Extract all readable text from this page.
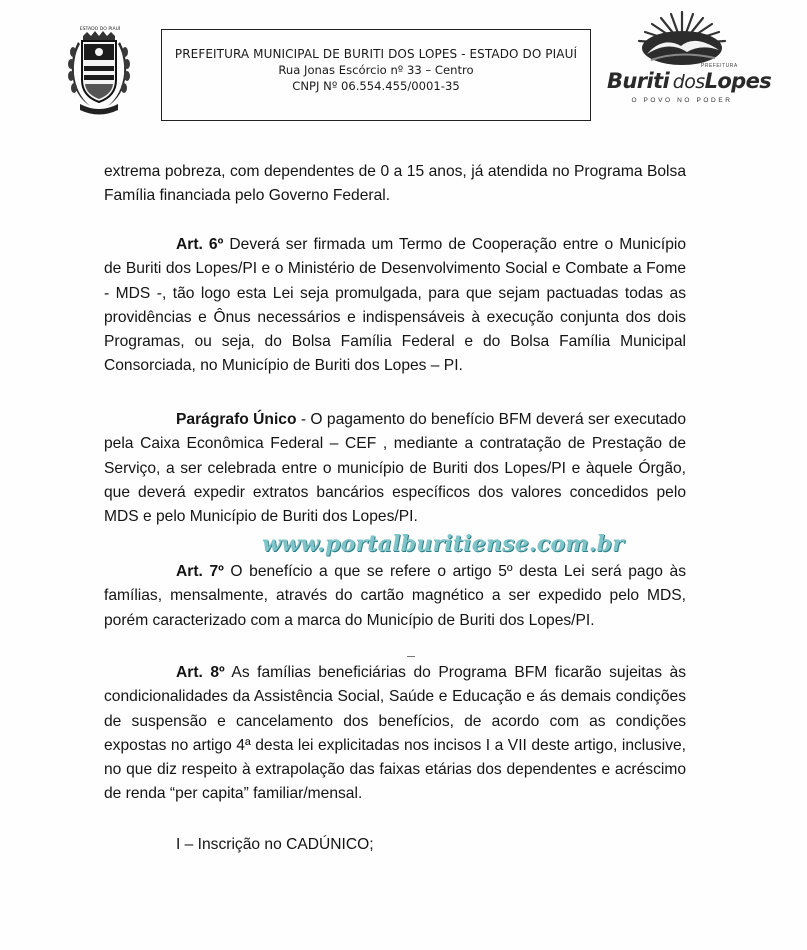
ESTADO DO PIAUÍ
PREFEITURA MUNICIPAL DE BURITI DOS LOPES - ESTADO DO PIAUÍ
Rua Jonas Escórcio nº 33 – Centro
CNPJ Nº 06.554.455/0001-35
PREFEITURA
Buriti  dosLopes
O POVO NO PODER
extrema pobreza, com dependentes de 0 a 15 anos, já atendida no Programa Bolsa Família financiada pelo Governo Federal.
Art. 6º Deverá ser firmada um Termo de Cooperação entre o Município de Buriti dos Lopes/PI e o Ministério de Desenvolvimento Social e Combate a Fome - MDS -, tão logo esta Lei seja promulgada, para que sejam pactuadas todas as providências e Ônus necessários e indispensáveis à execução conjunta dos dois Programas, ou seja, do Bolsa Família Federal e do Bolsa Família Municipal Consorciada, no Município de Buriti dos Lopes – PI.
Parágrafo Único - O pagamento do benefício BFM deverá ser executado pela Caixa Econômica Federal – CEF , mediante a contratação de Prestação de Serviço, a ser celebrada entre o município de Buriti dos Lopes/PI e àquele Órgão, que deverá expedir extratos bancários específicos dos valores concedidos pelo MDS e pelo Município de Buriti dos Lopes/PI.
www.portalburitiense.com.br
Art. 7º O benefício a que se refere o artigo 5º desta Lei será pago às famílias, mensalmente, através do cartão magnético a ser expedido pelo MDS, porém caracterizado com a marca do Município de Buriti dos Lopes/PI.
Art. 8º As famílias beneficiárias do Programa BFM ficarão sujeitas às condicionalidades da Assistência Social, Saúde e Educação e ás demais condições de suspensão e cancelamento dos benefícios, de acordo com as condições expostas no artigo 4ª desta lei explicitadas nos incisos I a VII deste artigo, inclusive, no que diz respeito à extrapolação das faixas etárias dos dependentes e acréscimo de renda “per capita” familiar/mensal.
I – Inscrição no CADÚNICO;
